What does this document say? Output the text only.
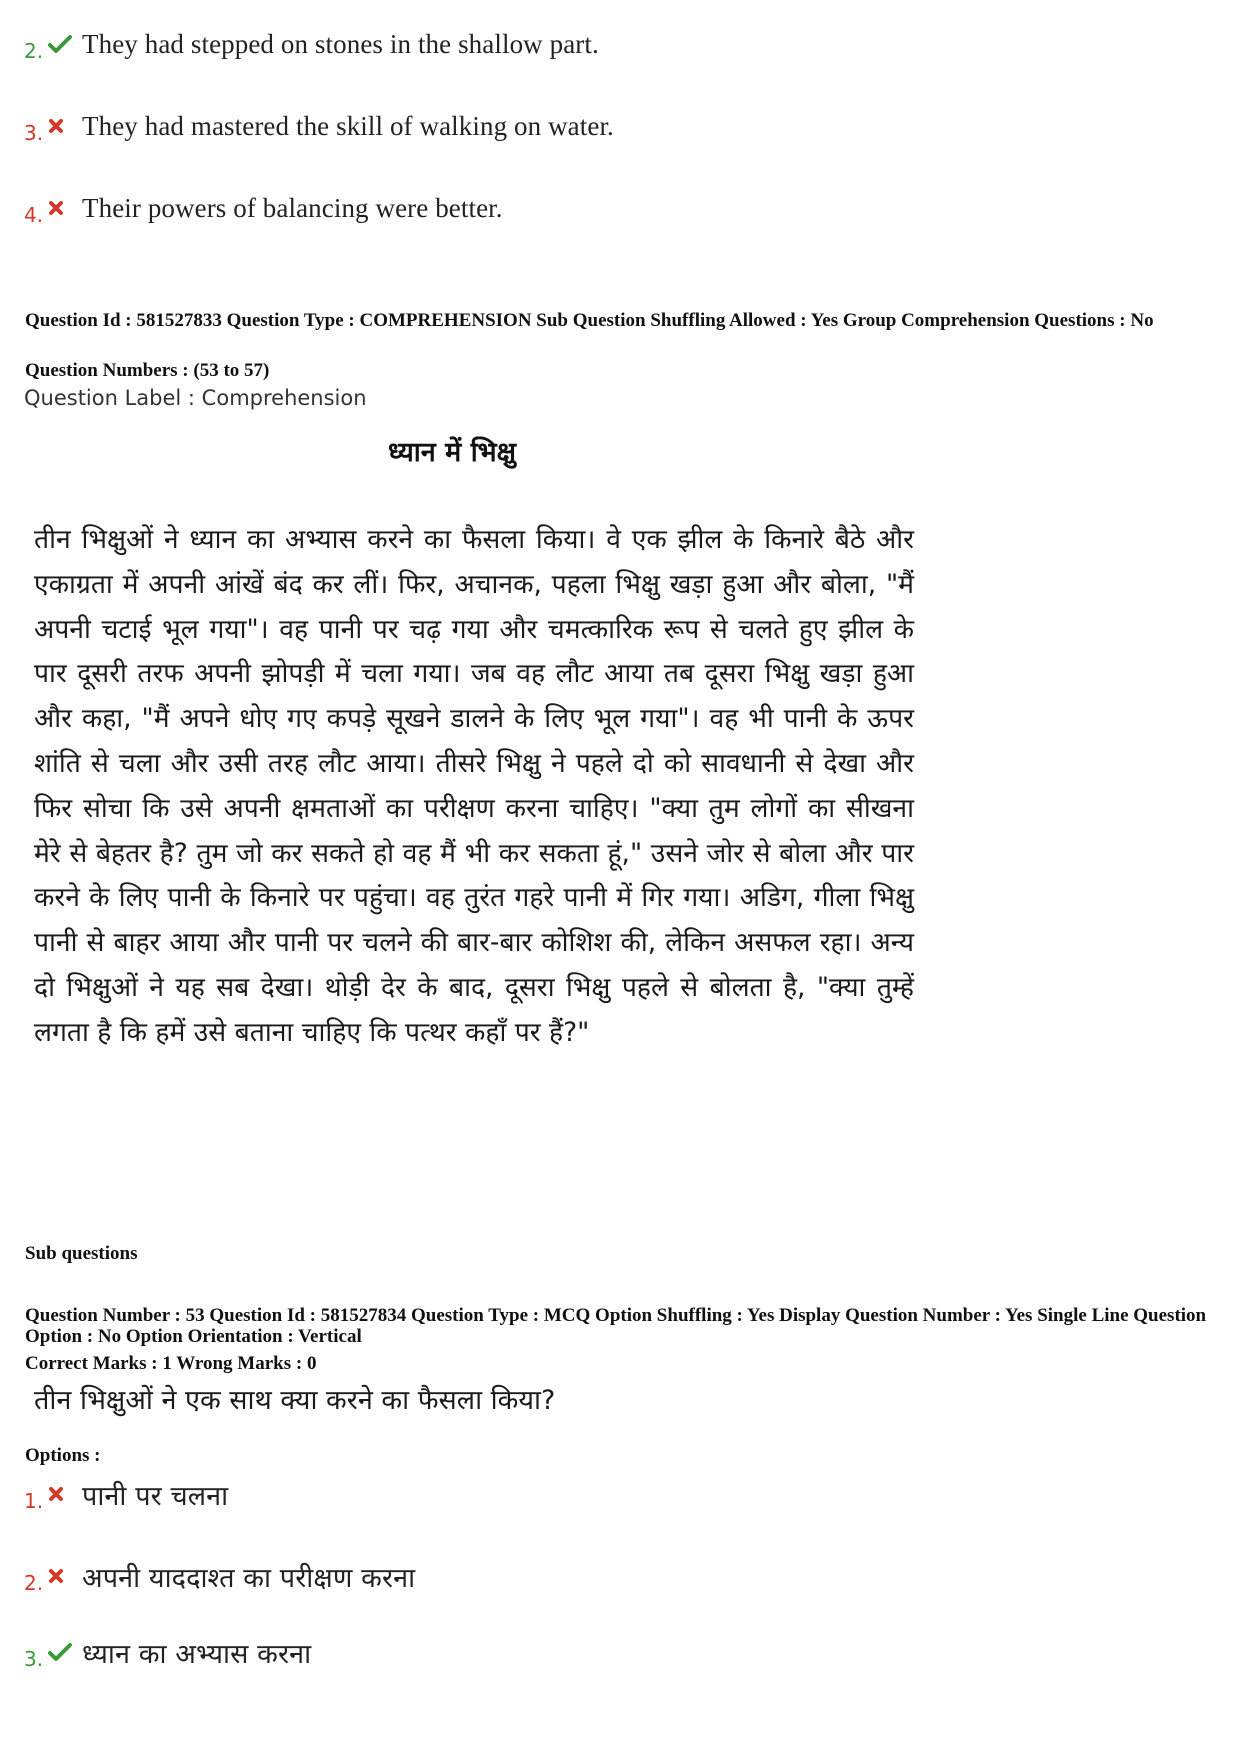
2. They had stepped on stones in the shallow part.
3. They had mastered the skill of walking on water.
4. Their powers of balancing were better.
Question Id : 581527833 Question Type : COMPREHENSION Sub Question Shuffling Allowed : Yes Group Comprehension Questions : No
Question Numbers : (53 to 57)
Question Label : Comprehension
ध्यान में भिक्षु
तीन भिक्षुओं ने ध्यान का अभ्यास करने का फैसला किया। वे एक झील के किनारे बैठे और एकाग्रता में अपनी आंखें बंद कर लीं। फिर, अचानक, पहला भिक्षु खड़ा हुआ और बोला, "मैं अपनी चटाई भूल गया"। वह पानी पर चढ़ गया और चमत्कारिक रूप से चलते हुए झील के पार दूसरी तरफ अपनी झोपड़ी में चला गया। जब वह लौट आया तब दूसरा भिक्षु खड़ा हुआ और कहा, "मैं अपने धोए गए कपड़े सूखने डालने के लिए भूल गया"। वह भी पानी के ऊपर शांति से चला और उसी तरह लौट आया। तीसरे भिक्षु ने पहले दो को सावधानी से देखा और फिर सोचा कि उसे अपनी क्षमताओं का परीक्षण करना चाहिए। "क्या तुम लोगों का सीखना मेरे से बेहतर है? तुम जो कर सकते हो वह मैं भी कर सकता हूं," उसने जोर से बोला और पार करने के लिए पानी के किनारे पर पहुंचा। वह तुरंत गहरे पानी में गिर गया। अडिग, गीला भिक्षु पानी से बाहर आया और पानी पर चलने की बार-बार कोशिश की, लेकिन असफल रहा। अन्य दो भिक्षुओं ने यह सब देखा। थोड़ी देर के बाद, दूसरा भिक्षु पहले से बोलता है, "क्या तुम्हें लगता है कि हमें उसे बताना चाहिए कि पत्थर कहाँ पर हैं?"
Sub questions
Question Number : 53 Question Id : 581527834 Question Type : MCQ Option Shuffling : Yes Display Question Number : Yes Single Line Question Option : No Option Orientation : Vertical
Correct Marks : 1 Wrong Marks : 0
तीन भिक्षुओं ने एक साथ क्या करने का फैसला किया?
Options :
1. पानी पर चलना
2. अपनी याददाश्त का परीक्षण करना
3. ध्यान का अभ्यास करना
